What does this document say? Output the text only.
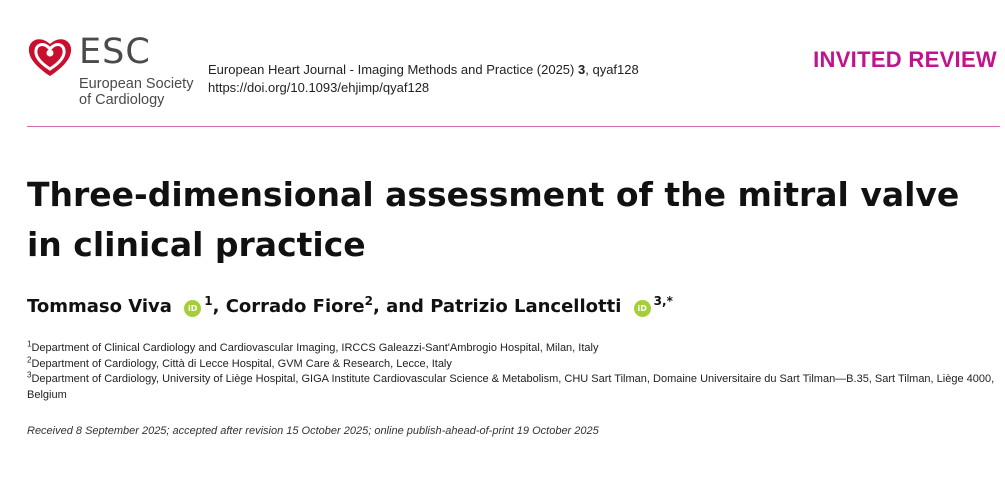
ESC
European Society
of Cardiology
European Heart Journal - Imaging Methods and Practice (2025) 3, qyaf128
https://doi.org/10.1093/ehjimp/qyaf128
INVITED REVIEW
Three-dimensional assessment of the mitral valve in clinical practice
Tommaso Viva $iD^1$, Corrado Fiore$^2$, and Patrizio Lancellotti $iD^{3,*}$
$^1$Department of Clinical Cardiology and Cardiovascular Imaging, IRCCS Galeazzi-Sant'Ambrogio Hospital, Milan, Italy
$^2$Department of Cardiology, Città di Lecce Hospital, GVM Care & Research, Lecce, Italy
$^3$Department of Cardiology, University of Liège Hospital, GIGA Institute Cardiovascular Science & Metabolism, CHU Sart Tilman, Domaine Universitaire du Sart Tilman—B.35, Sart Tilman, Liège 4000, Belgium
Received 8 September 2025; accepted after revision 15 October 2025; online publish-ahead-of-print 19 October 2025
